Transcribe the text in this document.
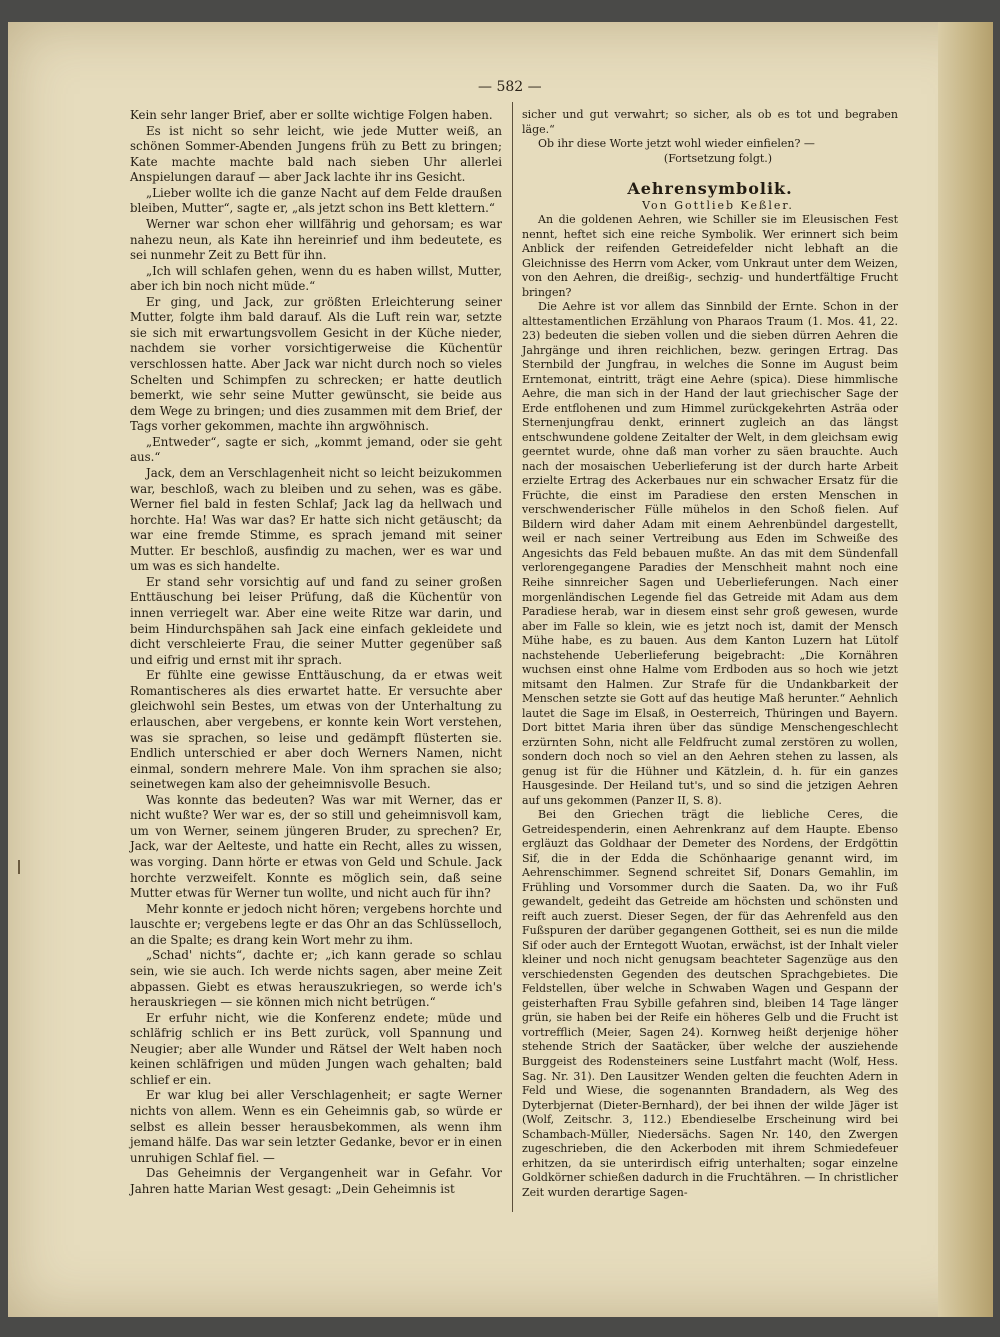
— 582 —

Kein sehr langer Brief, aber er sollte wichtige Folgen haben.

Es ist nicht so sehr leicht, wie jede Mutter weiß, an schönen Sommer-Abenden Jungens früh zu Bett zu bringen; Kate machte machte bald nach sieben Uhr allerlei Anspielungen darauf — aber Jack lachte ihr ins Gesicht.

„Lieber wollte ich die ganze Nacht auf dem Felde draußen bleiben, Mutter“, sagte er, „als jetzt schon ins Bett klettern.“

Werner war schon eher willfährig und gehorsam; es war nahezu neun, als Kate ihn hereinrief und ihm bedeutete, es sei nunmehr Zeit zu Bett für ihn.

„Ich will schlafen gehen, wenn du es haben willst, Mutter, aber ich bin noch nicht müde.“

Er ging, und Jack, zur größten Erleichterung seiner Mutter, folgte ihm bald darauf. Als die Luft rein war, setzte sie sich mit erwartungsvollem Gesicht in der Küche nieder, nachdem sie vorher vorsichtigerweise die Küchentür verschlossen hatte. Aber Jack war nicht durch noch so vieles Schelten und Schimpfen zu schrecken; er hatte deutlich bemerkt, wie sehr seine Mutter gewünscht, sie beide aus dem Wege zu bringen; und dies zusammen mit dem Brief, der Tags vorher gekommen, machte ihn argwöhnisch.

„Entweder“, sagte er sich, „kommt jemand, oder sie geht aus.“

Jack, dem an Verschlagenheit nicht so leicht beizukommen war, beschloß, wach zu bleiben und zu sehen, was es gäbe. Werner fiel bald in festen Schlaf; Jack lag da hellwach und horchte. Ha! Was war das? Er hatte sich nicht getäuscht; da war eine fremde Stimme, es sprach jemand mit seiner Mutter. Er beschloß, ausfindig zu machen, wer es war und um was es sich handelte.

Er stand sehr vorsichtig auf und fand zu seiner großen Enttäuschung bei leiser Prüfung, daß die Küchentür von innen verriegelt war. Aber eine weite Ritze war darin, und beim Hindurchspähen sah Jack eine einfach gekleidete und dicht verschleierte Frau, die seiner Mutter gegenüber saß und eifrig und ernst mit ihr sprach.

Er fühlte eine gewisse Enttäuschung, da er etwas weit Romantischeres als dies erwartet hatte. Er versuchte aber gleichwohl sein Bestes, um etwas von der Unterhaltung zu erlauschen, aber vergebens, er konnte kein Wort verstehen, was sie sprachen, so leise und gedämpft flüsterten sie. Endlich unterschied er aber doch Werners Namen, nicht einmal, sondern mehrere Male. Von ihm sprachen sie also; seinetwegen kam also der geheimnisvolle Besuch.

Was konnte das bedeuten? Was war mit Werner, das er nicht wußte? Wer war es, der so still und geheimnisvoll kam, um von Werner, seinem jüngeren Bruder, zu sprechen? Er, Jack, war der Aelteste, und hatte ein Recht, alles zu wissen, was vorging. Dann hörte er etwas von Geld und Schule. Jack horchte verzweifelt. Konnte es möglich sein, daß seine Mutter etwas für Werner tun wollte, und nicht auch für ihn?

Mehr konnte er jedoch nicht hören; vergebens horchte und lauschte er; vergebens legte er das Ohr an das Schlüsselloch, an die Spalte; es drang kein Wort mehr zu ihm.

„Schad' nichts“, dachte er; „ich kann gerade so schlau sein, wie sie auch. Ich werde nichts sagen, aber meine Zeit abpassen. Giebt es etwas herauszukriegen, so werde ich's herauskriegen — sie können mich nicht betrügen.“

Er erfuhr nicht, wie die Konferenz endete; müde und schläfrig schlich er ins Bett zurück, voll Spannung und Neugier; aber alle Wunder und Rätsel der Welt haben noch keinen schläfrigen und müden Jungen wach gehalten; bald schlief er ein.

Er war klug bei aller Verschlagenheit; er sagte Werner nichts von allem. Wenn es ein Geheimnis gab, so würde er selbst es allein besser herausbekommen, als wenn ihm jemand hälfe. Das war sein letzter Gedanke, bevor er in einen unruhigen Schlaf fiel. —

Das Geheimnis der Vergangenheit war in Gefahr. Vor Jahren hatte Marian West gesagt: „Dein Geheimnis ist

sicher und gut verwahrt; so sicher, als ob es tot und begraben läge.“

Ob ihr diese Worte jetzt wohl wieder einfielen? —

(Fortsetzung folgt.)

Aehrensymbolik.

Von Gottlieb Keßler.

An die goldenen Aehren, wie Schiller sie im Eleusischen Fest nennt, heftet sich eine reiche Symbolik. Wer erinnert sich beim Anblick der reifenden Getreidefelder nicht lebhaft an die Gleichnisse des Herrn vom Acker, vom Unkraut unter dem Weizen, von den Aehren, die dreißig-, sechzig- und hundertfältige Frucht bringen?

Die Aehre ist vor allem das Sinnbild der Ernte. Schon in der alttestamentlichen Erzählung von Pharaos Traum (1. Mos. 41, 22. 23) bedeuten die sieben vollen und die sieben dürren Aehren die Jahrgänge und ihren reichlichen, bezw. geringen Ertrag. Das Sternbild der Jungfrau, in welches die Sonne im August beim Erntemonat, eintritt, trägt eine Aehre (spica). Diese himmlische Aehre, die man sich in der Hand der laut griechischer Sage der Erde entflohenen und zum Himmel zurückgekehrten Asträa oder Sternenjungfrau denkt, erinnert zugleich an das längst entschwundene goldene Zeitalter der Welt, in dem gleichsam ewig geerntet wurde, ohne daß man vorher zu säen brauchte. Auch nach der mosaischen Ueberlieferung ist der durch harte Arbeit erzielte Ertrag des Ackerbaues nur ein schwacher Ersatz für die Früchte, die einst im Paradiese den ersten Menschen in verschwenderischer Fülle mühelos in den Schoß fielen. Auf Bildern wird daher Adam mit einem Aehrenbündel dargestellt, weil er nach seiner Vertreibung aus Eden im Schweiße des Angesichts das Feld bebauen mußte. An das mit dem Sündenfall verlorengegangene Paradies der Menschheit mahnt noch eine Reihe sinnreicher Sagen und Ueberlieferungen. Nach einer morgenländischen Legende fiel das Getreide mit Adam aus dem Paradiese herab, war in diesem einst sehr groß gewesen, wurde aber im Falle so klein, wie es jetzt noch ist, damit der Mensch Mühe habe, es zu bauen. Aus dem Kanton Luzern hat Lütolf nachstehende Ueberlieferung beigebracht: „Die Kornähren wuchsen einst ohne Halme vom Erdboden aus so hoch wie jetzt mitsamt den Halmen. Zur Strafe für die Undankbarkeit der Menschen setzte sie Gott auf das heutige Maß herunter.“ Aehnlich lautet die Sage im Elsaß, in Oesterreich, Thüringen und Bayern. Dort bittet Maria ihren über das sündige Menschengeschlecht erzürnten Sohn, nicht alle Feldfrucht zumal zerstören zu wollen, sondern doch noch so viel an den Aehren stehen zu lassen, als genug ist für die Hühner und Kätzlein, d. h. für ein ganzes Hausgesinde. Der Heiland tut's, und so sind die jetzigen Aehren auf uns gekommen (Panzer II, S. 8).

Bei den Griechen trägt die liebliche Ceres, die Getreidespenderin, einen Aehrenkranz auf dem Haupte. Ebenso ergläuzt das Goldhaar der Demeter des Nordens, der Erdgöttin Sif, die in der Edda die Schönhaarige genannt wird, im Aehrenschimmer. Segnend schreitet Sif, Donars Gemahlin, im Frühling und Vorsommer durch die Saaten. Da, wo ihr Fuß gewandelt, gedeiht das Getreide am höchsten und schönsten und reift auch zuerst. Dieser Segen, der für das Aehrenfeld aus den Fußspuren der darüber gegangenen Gottheit, sei es nun die milde Sif oder auch der Erntegott Wuotan, erwächst, ist der Inhalt vieler kleiner und noch nicht genugsam beachteter Sagenzüge aus den verschiedensten Gegenden des deutschen Sprachgebietes. Die Feldstellen, über welche in Schwaben Wagen und Gespann der geisterhaften Frau Sybille gefahren sind, bleiben 14 Tage länger grün, sie haben bei der Reife ein höheres Gelb und die Frucht ist vortrefflich (Meier, Sagen 24). Kornweg heißt derjenige höher stehende Strich der Saatäcker, über welche der ausziehende Burggeist des Rodensteiners seine Lustfahrt macht (Wolf, Hess. Sag. Nr. 31). Den Lausitzer Wenden gelten die feuchten Adern in Feld und Wiese, die sogenannten Brandadern, als Weg des Dyterbjernat (Dieter-Bernhard), der bei ihnen der wilde Jäger ist (Wolf, Zeitschr. 3, 112.) Ebendieselbe Erscheinung wird bei Schambach-Müller, Niedersächs. Sagen Nr. 140, den Zwergen zugeschrieben, die den Ackerboden mit ihrem Schmiedefeuer erhitzen, da sie unterirdisch eifrig unterhalten; sogar einzelne Goldkörner schießen dadurch in die Fruchtähren. — In christlicher Zeit wurden derartige Sagen-
